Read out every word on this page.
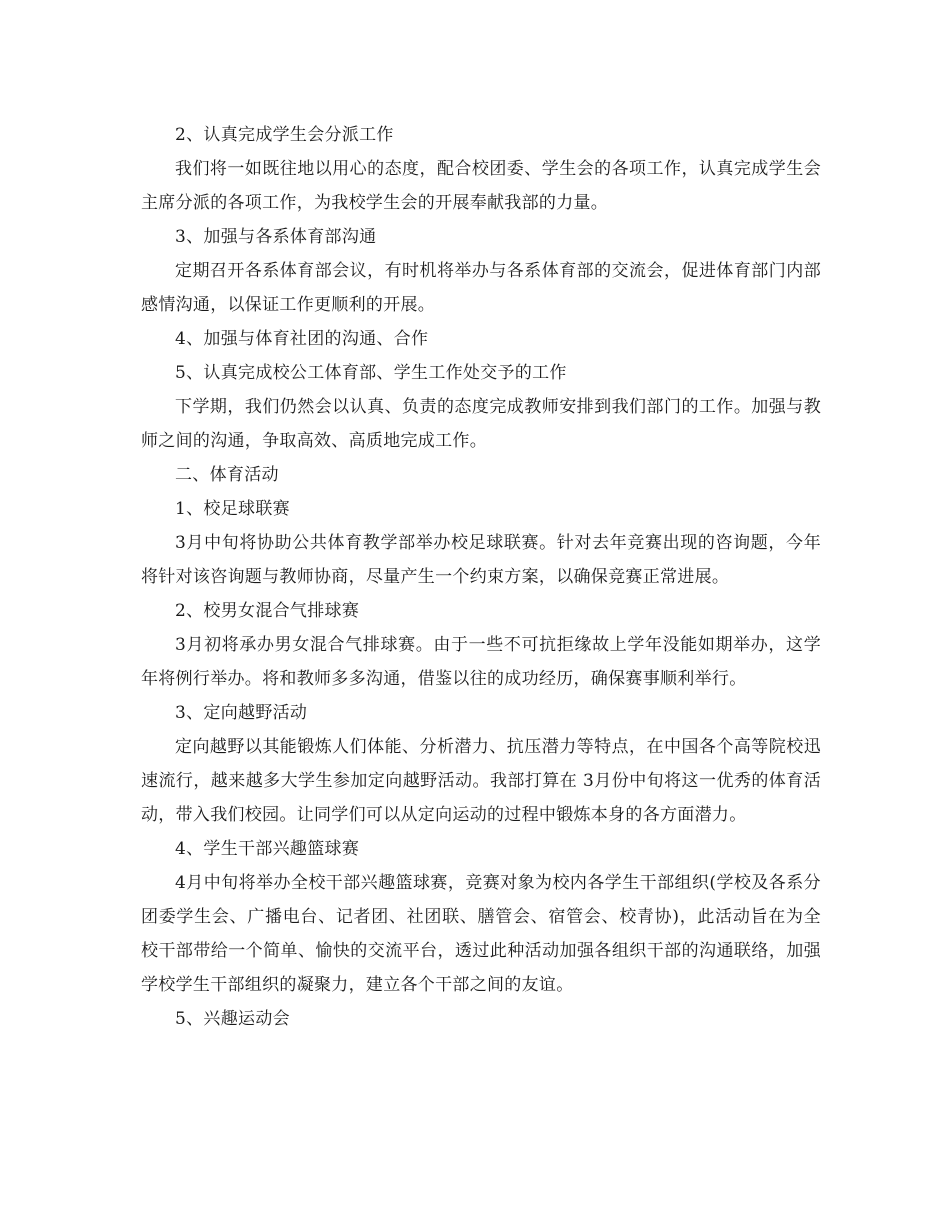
2、认真完成学生会分派工作

我们将一如既往地以用心的态度，配合校团委、学生会的各项工作，认真完成学生会主席分派的各项工作，为我校学生会的开展奉献我部的力量。

3、加强与各系体育部沟通

定期召开各系体育部会议，有时机将举办与各系体育部的交流会，促进体育部门内部感情沟通，以保证工作更顺利的开展。

4、加强与体育社团的沟通、合作

5、认真完成校公工体育部、学生工作处交予的工作

下学期，我们仍然会以认真、负责的态度完成教师安排到我们部门的工作。加强与教师之间的沟通，争取高效、高质地完成工作。

二、体育活动

1、校足球联赛

3月中旬将协助公共体育教学部举办校足球联赛。针对去年竞赛出现的咨询题，今年将针对该咨询题与教师协商，尽量产生一个约束方案，以确保竞赛正常进展。

2、校男女混合气排球赛

3月初将承办男女混合气排球赛。由于一些不可抗拒缘故上学年没能如期举办，这学年将例行举办。将和教师多多沟通，借鉴以往的成功经历，确保赛事顺利举行。

3、定向越野活动

定向越野以其能锻炼人们体能、分析潜力、抗压潜力等特点，在中国各个高等院校迅速流行，越来越多大学生参加定向越野活动。我部打算在 3月份中旬将这一优秀的体育活动，带入我们校园。让同学们可以从定向运动的过程中锻炼本身的各方面潜力。

4、学生干部兴趣篮球赛

4月中旬将举办全校干部兴趣篮球赛，竞赛对象为校内各学生干部组织(学校及各系分团委学生会、广播电台、记者团、社团联、膳管会、宿管会、校青协)，此活动旨在为全校干部带给一个简单、愉快的交流平台，透过此种活动加强各组织干部的沟通联络，加强学校学生干部组织的凝聚力，建立各个干部之间的友谊。

5、兴趣运动会
